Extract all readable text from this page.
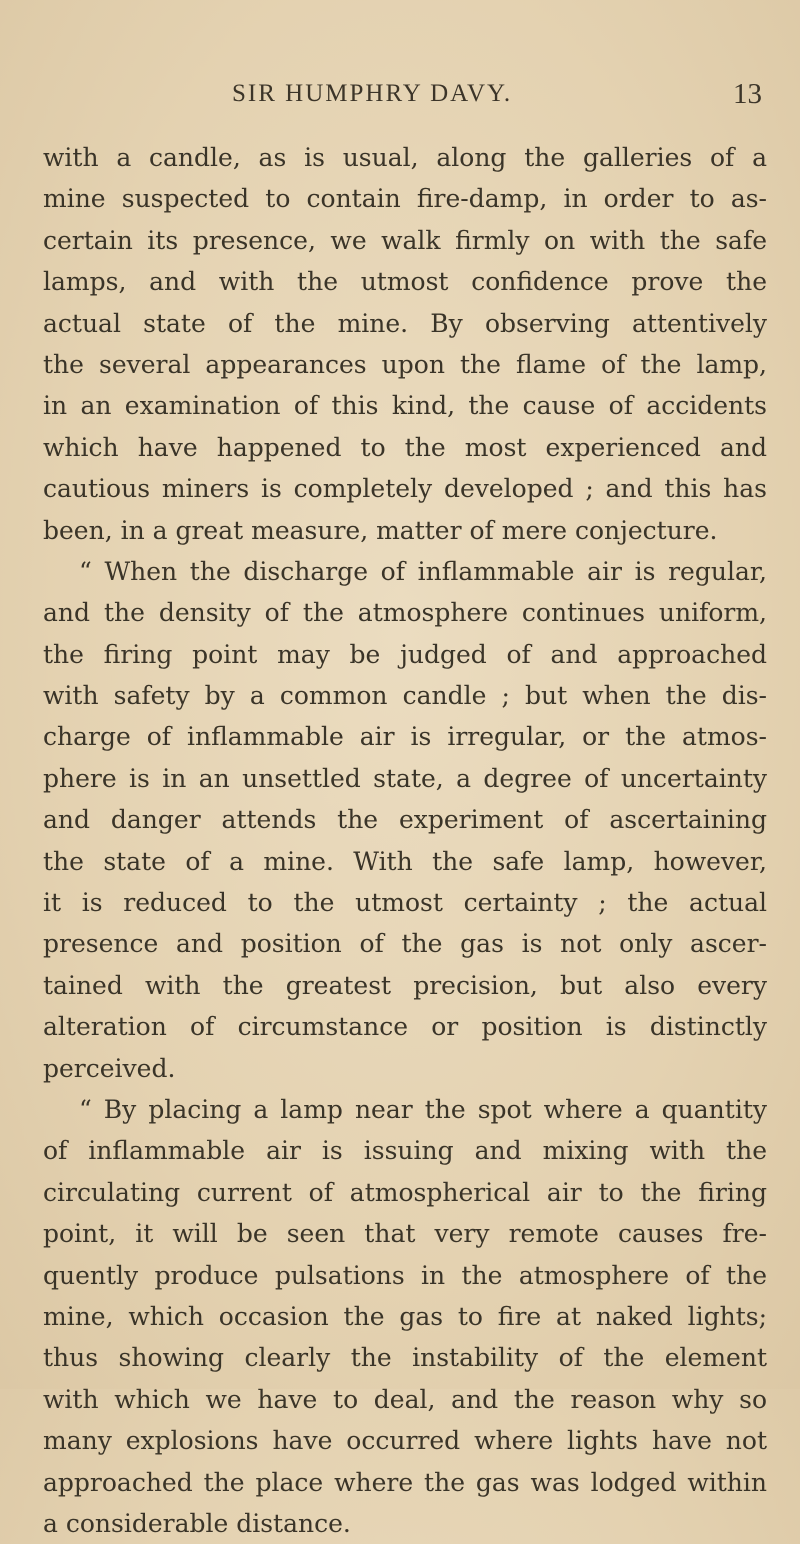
SIR HUMPHRY DAVY.	13
with a candle, as is usual, along the galleries of a
mine suspected to contain fire-damp, in order to as-
certain its presence, we walk firmly on with the safe
lamps, and with the utmost confidence prove the
actual state of the mine. By observing attentively
the several appearances upon the flame of the lamp,
in an examination of this kind, the cause of accidents
which have happened to the most experienced and
cautious miners is completely developed ; and this has
been, in a great measure, matter of mere conjecture.
“ When the discharge of inflammable air is regular,
and the density of the atmosphere continues uniform,
the firing point may be judged of and approached
with safety by a common candle ; but when the dis-
charge of inflammable air is irregular, or the atmos-
phere is in an unsettled state, a degree of uncertainty
and danger attends the experiment of ascertaining
the state of a mine. With the safe lamp, however,
it is reduced to the utmost certainty ; the actual
presence and position of the gas is not only ascer-
tained with the greatest precision, but also every
alteration of circumstance or position is distinctly
perceived.
“ By placing a lamp near the spot where a quantity
of inflammable air is issuing and mixing with the
circulating current of atmospherical air to the firing
point, it will be seen that very remote causes fre-
quently produce pulsations in the atmosphere of the
mine, which occasion the gas to fire at naked lights;
thus showing clearly the instability of the element
with which we have to deal, and the reason why so
many explosions have occurred where lights have not
approached the place where the gas was lodged within
a considerable distance.
